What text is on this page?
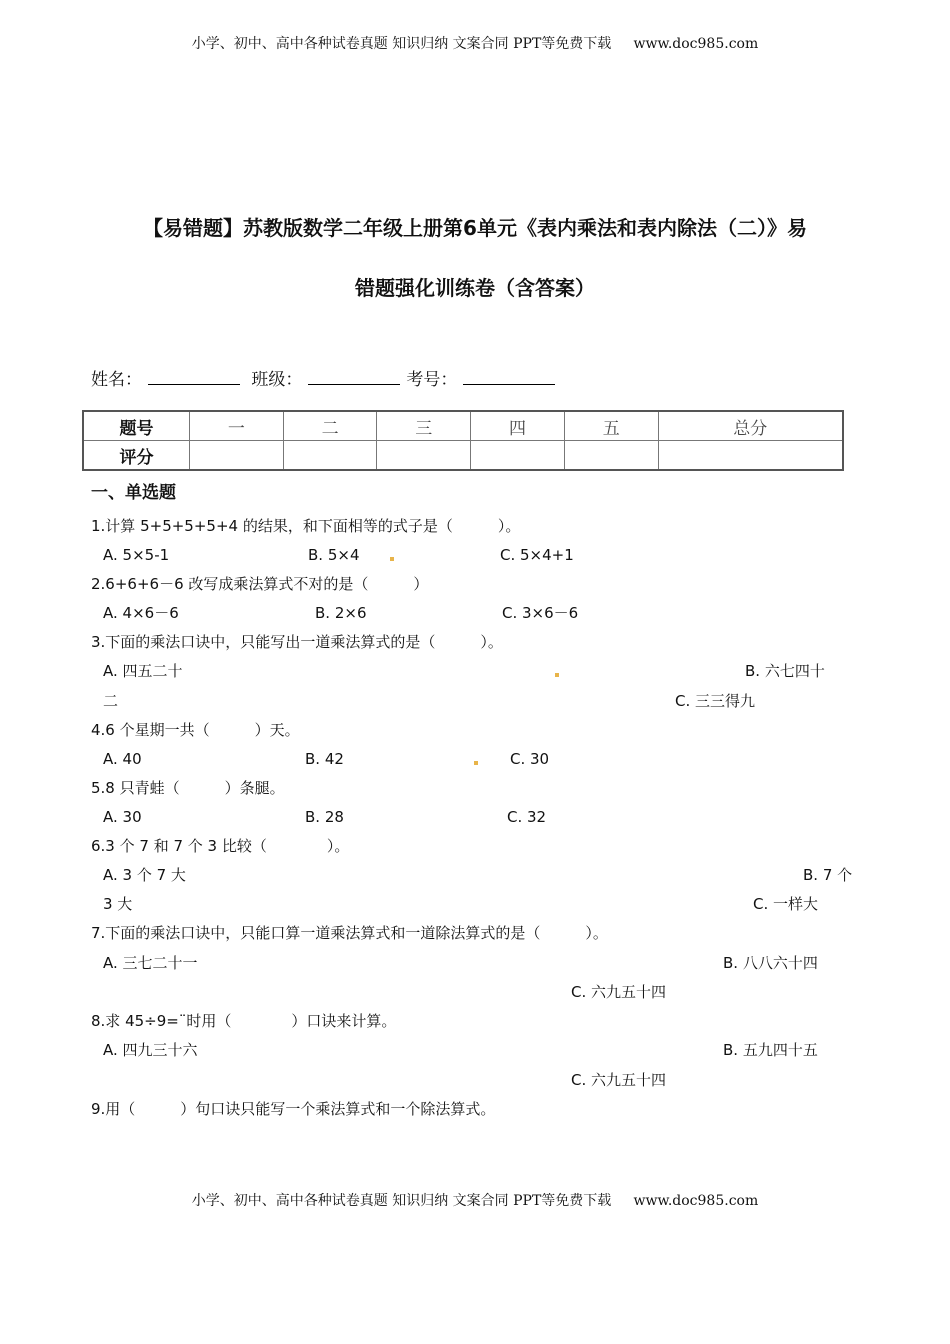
小学、初中、高中各种试卷真题 知识归纳 文案合同 PPT等免费下载 www.doc985.com
【易错题】苏教版数学二年级上册第6单元《表内乘法和表内除法（二）》易
错题强化训练卷（含答案）
姓名：	班级：	考号：
题号	一	二	三	四	五	总分
评分						
一、单选题
1.计算 5+5+5+5+4 的结果，和下面相等的式子是（　　　）。
A. 5×5-1	B. 5×4	C. 5×4+1
2.6+6+6－6 改写成乘法算式不对的是（　　　）
A. 4×6－6	B. 2×6	C. 3×6－6
3.下面的乘法口诀中，只能写出一道乘法算式的是（　　　）。
A. 四五二十	B. 六七四十
二	C. 三三得九
4.6 个星期一共（　　　）天。
A. 40	B. 42	C. 30
5.8 只青蛙（　　　）条腿。
A. 30	B. 28	C. 32
6.3 个 7 和 7 个 3 比较（　　　　）。
A. 3 个 7 大	B. 7 个
3 大	C. 一样大
7.下面的乘法口诀中，只能口算一道乘法算式和一道除法算式的是（　　　）。
A. 三七二十一	B. 八八六十四
C. 六九五十四
8.求 45÷9=¨时用（　　　　）口诀来计算。
A. 四九三十六	B. 五九四十五
C. 六九五十四
9.用（　　　）句口诀只能写一个乘法算式和一个除法算式。
小学、初中、高中各种试卷真题 知识归纳 文案合同 PPT等免费下载 www.doc985.com
